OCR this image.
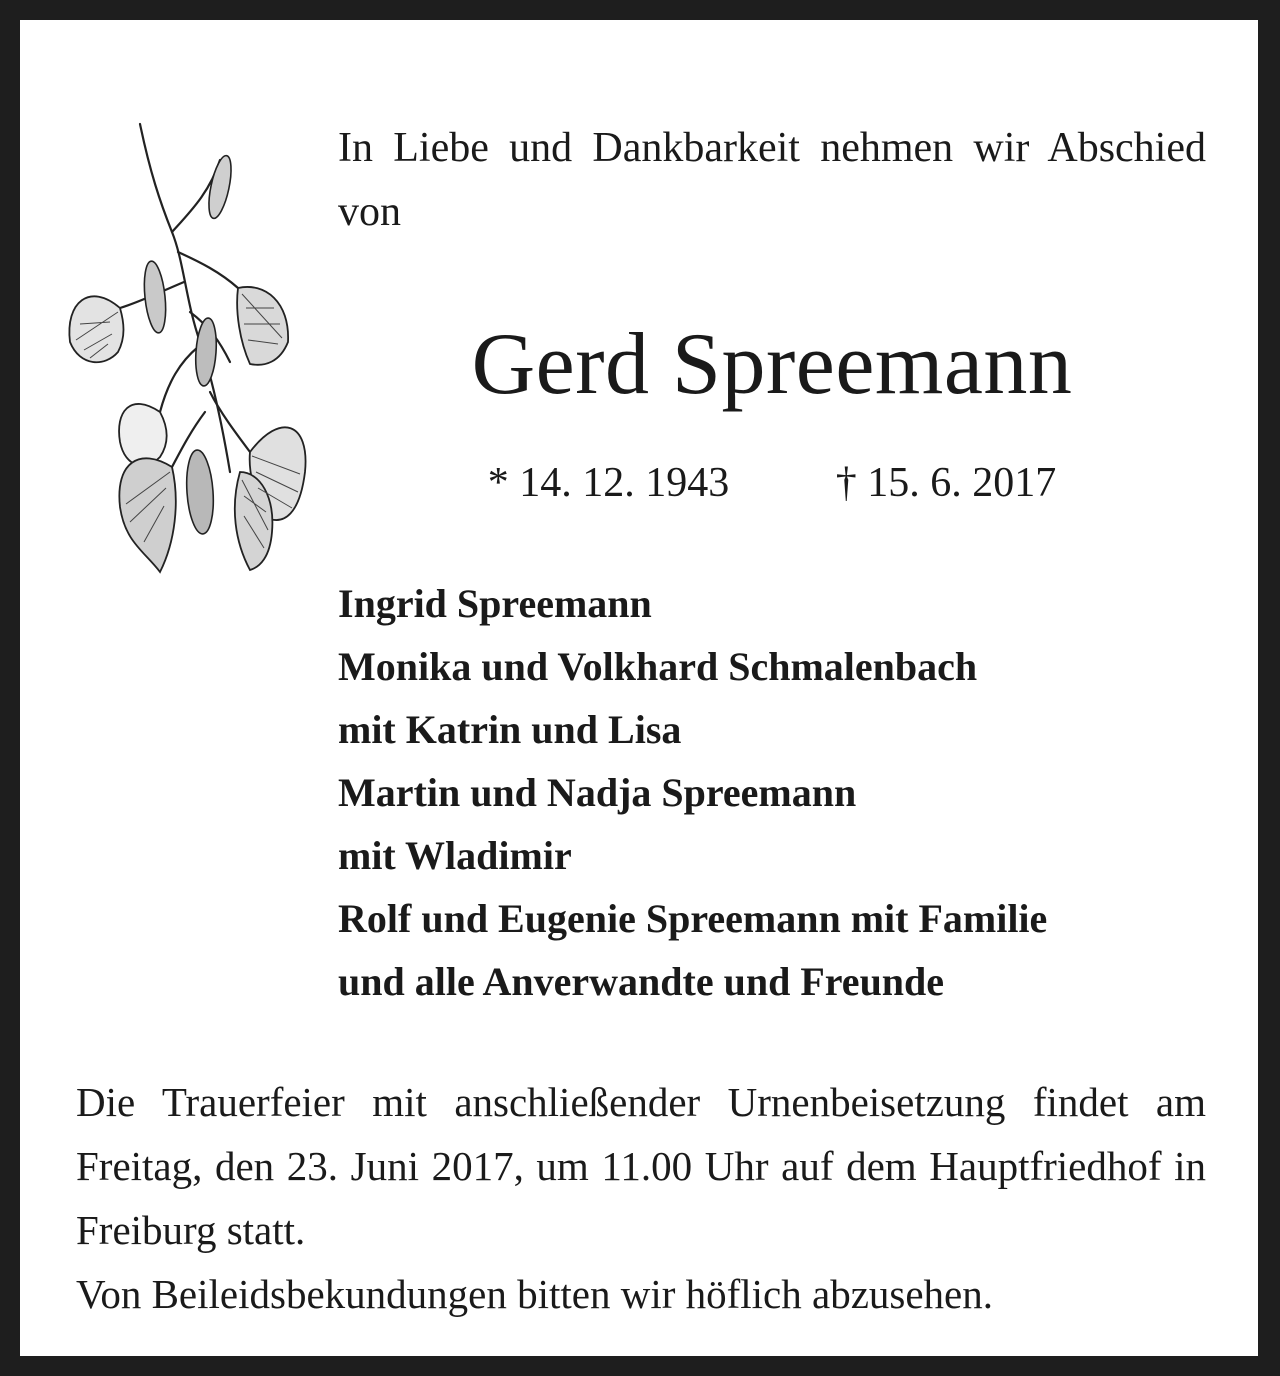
In Liebe und Dankbarkeit nehmen wir Abschied von

Gerd Spreemann
* 14. 12. 1943	† 15. 6. 2017
Ingrid Spreemann
Monika und Volkhard Schmalenbach
mit Katrin und Lisa
Martin und Nadja Spreemann
mit Wladimir
Rolf und Eugenie Spreemann mit Familie
und alle Anverwandte und Freunde
Die Trauerfeier mit anschließender Urnenbeisetzung findet am Freitag, den 23. Juni 2017, um 11.00 Uhr auf dem Hauptfriedhof in Freiburg statt.
Von Beileidsbekundungen bitten wir höflich abzusehen.
